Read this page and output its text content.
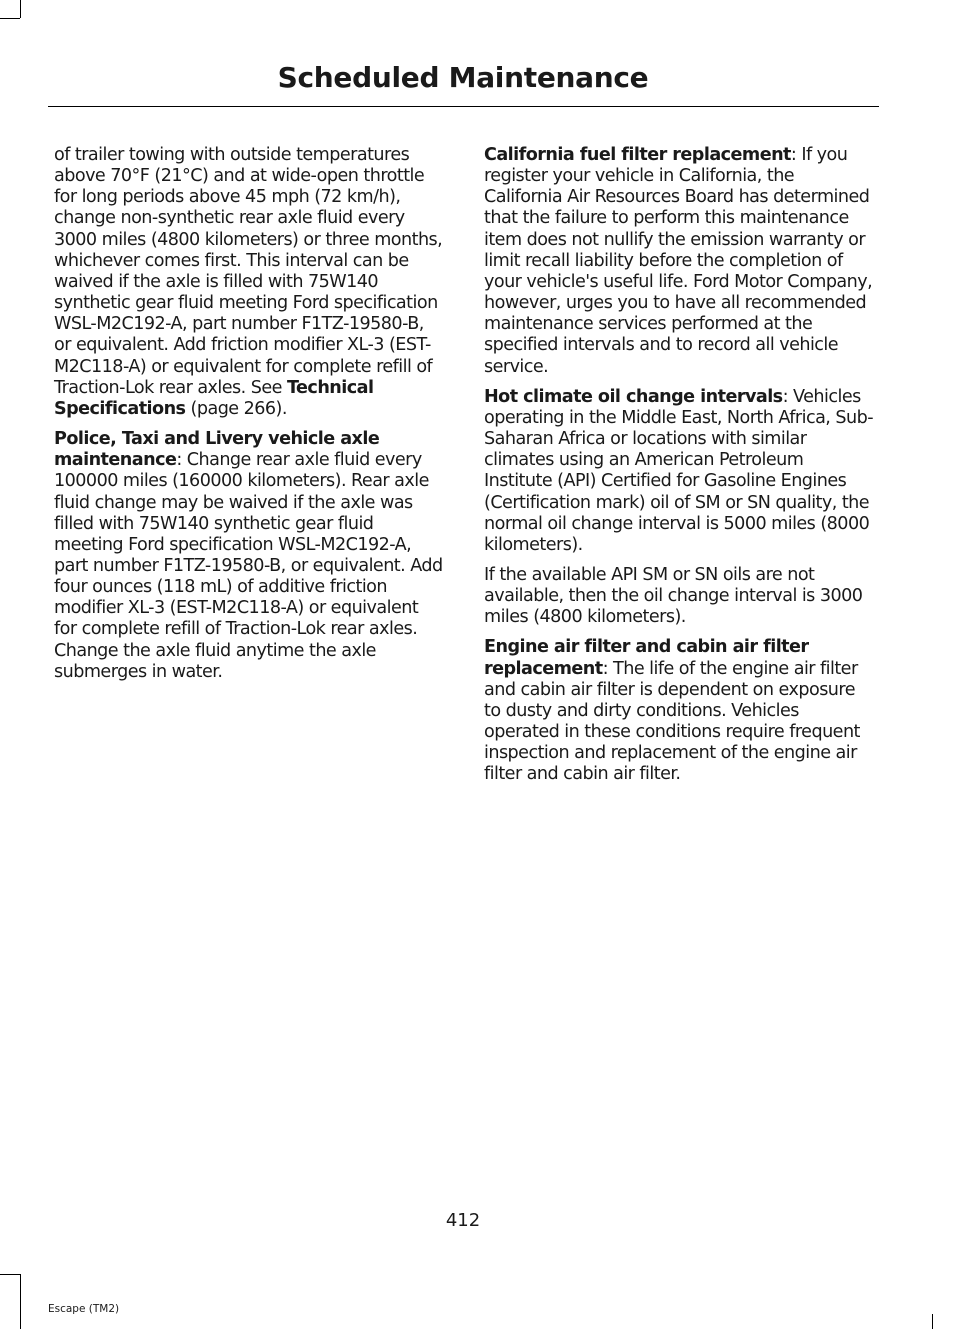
Scheduled Maintenance

of trailer towing with outside temperatures above 70°F (21°C) and at wide-open throttle for long periods above 45 mph (72 km/h), change non-synthetic rear axle fluid every 3000 miles (4800 kilometers) or three months, whichever comes first. This interval can be waived if the axle is filled with 75W140 synthetic gear fluid meeting Ford specification WSL-M2C192-A, part number F1TZ-19580-B, or equivalent. Add friction modifier XL-3 (EST-M2C118-A) or equivalent for complete refill of Traction-Lok rear axles. See Technical Specifications (page 266).

Police, Taxi and Livery vehicle axle maintenance: Change rear axle fluid every 100000 miles (160000 kilometers). Rear axle fluid change may be waived if the axle was filled with 75W140 synthetic gear fluid meeting Ford specification WSL-M2C192-A, part number F1TZ-19580-B, or equivalent. Add four ounces (118 mL) of additive friction modifier XL-3 (EST-M2C118-A) or equivalent for complete refill of Traction-Lok rear axles. Change the axle fluid anytime the axle submerges in water.

California fuel filter replacement: If you register your vehicle in California, the California Air Resources Board has determined that the failure to perform this maintenance item does not nullify the emission warranty or limit recall liability before the completion of your vehicle's useful life. Ford Motor Company, however, urges you to have all recommended maintenance services performed at the specified intervals and to record all vehicle service.

Hot climate oil change intervals: Vehicles operating in the Middle East, North Africa, Sub-Saharan Africa or locations with similar climates using an American Petroleum Institute (API) Certified for Gasoline Engines (Certification mark) oil of SM or SN quality, the normal oil change interval is 5000 miles (8000 kilometers).

If the available API SM or SN oils are not available, then the oil change interval is 3000 miles (4800 kilometers).

Engine air filter and cabin air filter replacement: The life of the engine air filter and cabin air filter is dependent on exposure to dusty and dirty conditions. Vehicles operated in these conditions require frequent inspection and replacement of the engine air filter and cabin air filter.

412
Escape (TM2)
